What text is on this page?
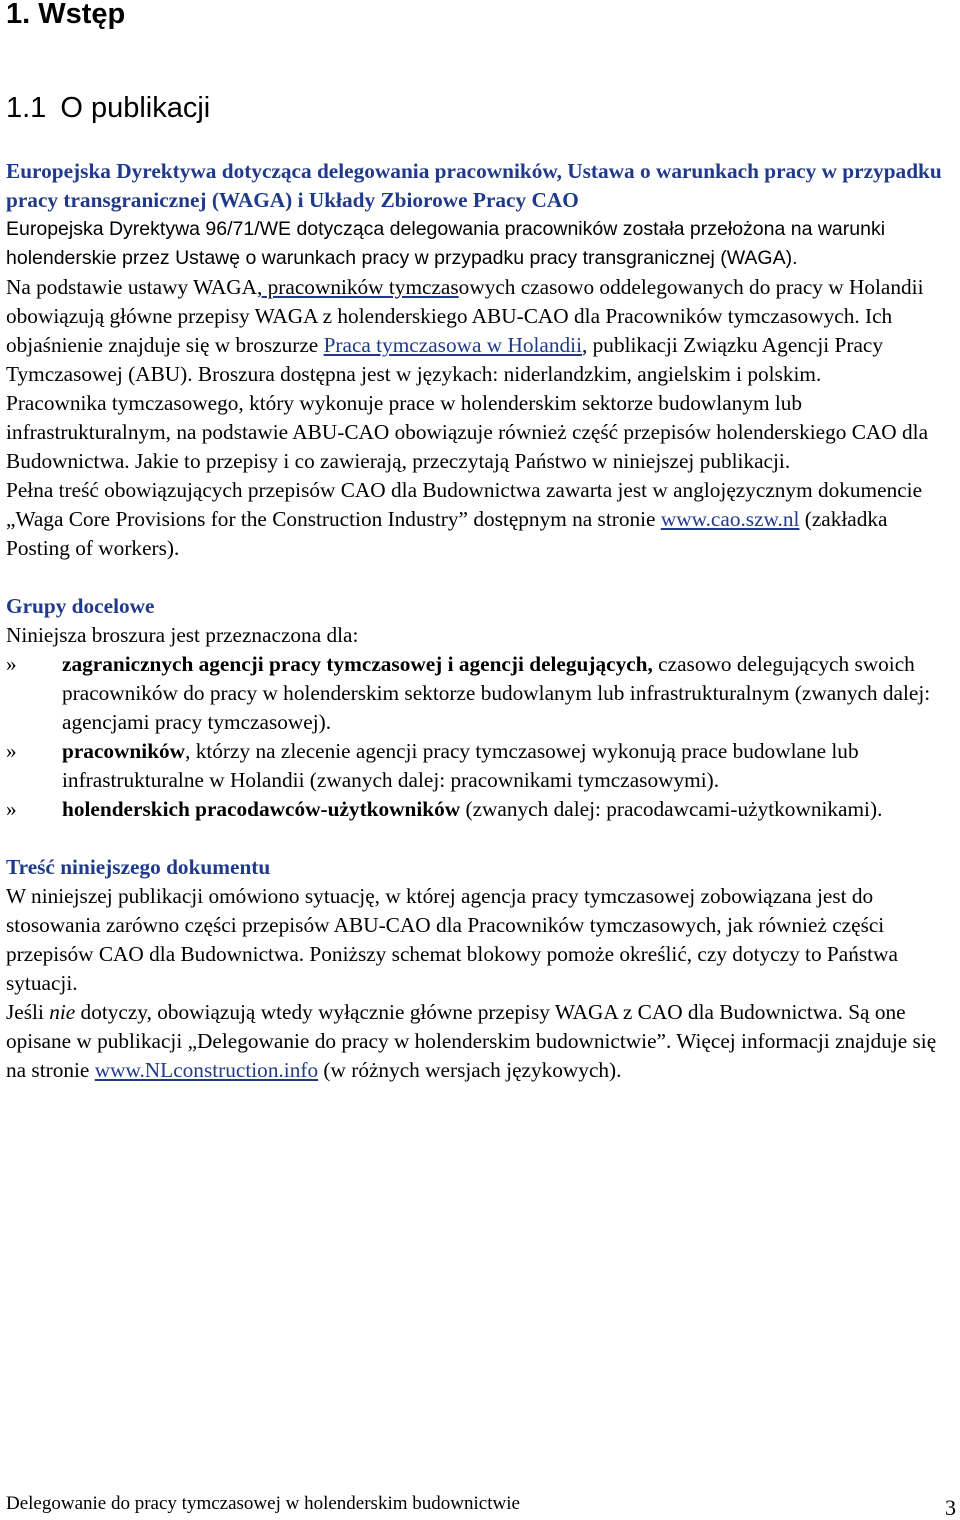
1. Wstęp
1.1 O publikacji

Europejska Dyrektywa dotycząca delegowania pracowników, Ustawa o warunkach pracy w przypadku pracy transgranicznej (WAGA) i Układy Zbiorowe Pracy CAO

Europejska Dyrektywa 96/71/WE dotycząca delegowania pracowników została przełożona na warunki holenderskie przez Ustawę o warunkach pracy w przypadku pracy transgranicznej (WAGA).

Na podstawie ustawy WAGA, pracowników tymczasowych czasowo oddelegowanych do pracy w Holandii obowiązują główne przepisy WAGA z holenderskiego ABU-CAO dla Pracowników tymczasowych. Ich objaśnienie znajduje się w broszurze Praca tymczasowa w Holandii, publikacji Związku Agencji Pracy Tymczasowej (ABU). Broszura dostępna jest w językach: niderlandzkim, angielskim i polskim.

Pracownika tymczasowego, który wykonuje prace w holenderskim sektorze budowlanym lub infrastrukturalnym, na podstawie ABU-CAO obowiązuje również część przepisów holenderskiego CAO dla Budownictwa. Jakie to przepisy i co zawierają, przeczytają Państwo w niniejszej publikacji.

Pełna treść obowiązujących przepisów CAO dla Budownictwa zawarta jest w anglojęzycznym dokumencie „Waga Core Provisions for the Construction Industry” dostępnym na stronie www.cao.szw.nl (zakładka Posting of workers).

Grupy docelowe

Niniejsza broszura jest przeznaczona dla:

» zagranicznych agencji pracy tymczasowej i agencji delegujących, czasowo delegujących swoich pracowników do pracy w holenderskim sektorze budowlanym lub infrastrukturalnym (zwanych dalej: agencjami pracy tymczasowej).
» pracowników, którzy na zlecenie agencji pracy tymczasowej wykonują prace budowlane lub infrastrukturalne w Holandii (zwanych dalej: pracownikami tymczasowymi).
» holenderskich pracodawców-użytkowników (zwanych dalej: pracodawcami-użytkownikami).

Treść niniejszego dokumentu

W niniejszej publikacji omówiono sytuację, w której agencja pracy tymczasowej zobowiązana jest do stosowania zarówno części przepisów ABU-CAO dla Pracowników tymczasowych, jak również części przepisów CAO dla Budownictwa. Poniższy schemat blokowy pomoże określić, czy dotyczy to Państwa sytuacji.

Jeśli nie dotyczy, obowiązują wtedy wyłącznie główne przepisy WAGA z CAO dla Budownictwa. Są one opisane w publikacji „Delegowanie do pracy w holenderskim budownictwie”. Więcej informacji znajduje się na stronie www.NLconstruction.info (w różnych wersjach językowych).

Delegowanie do pracy tymczasowej w holenderskim budownictwie	3
